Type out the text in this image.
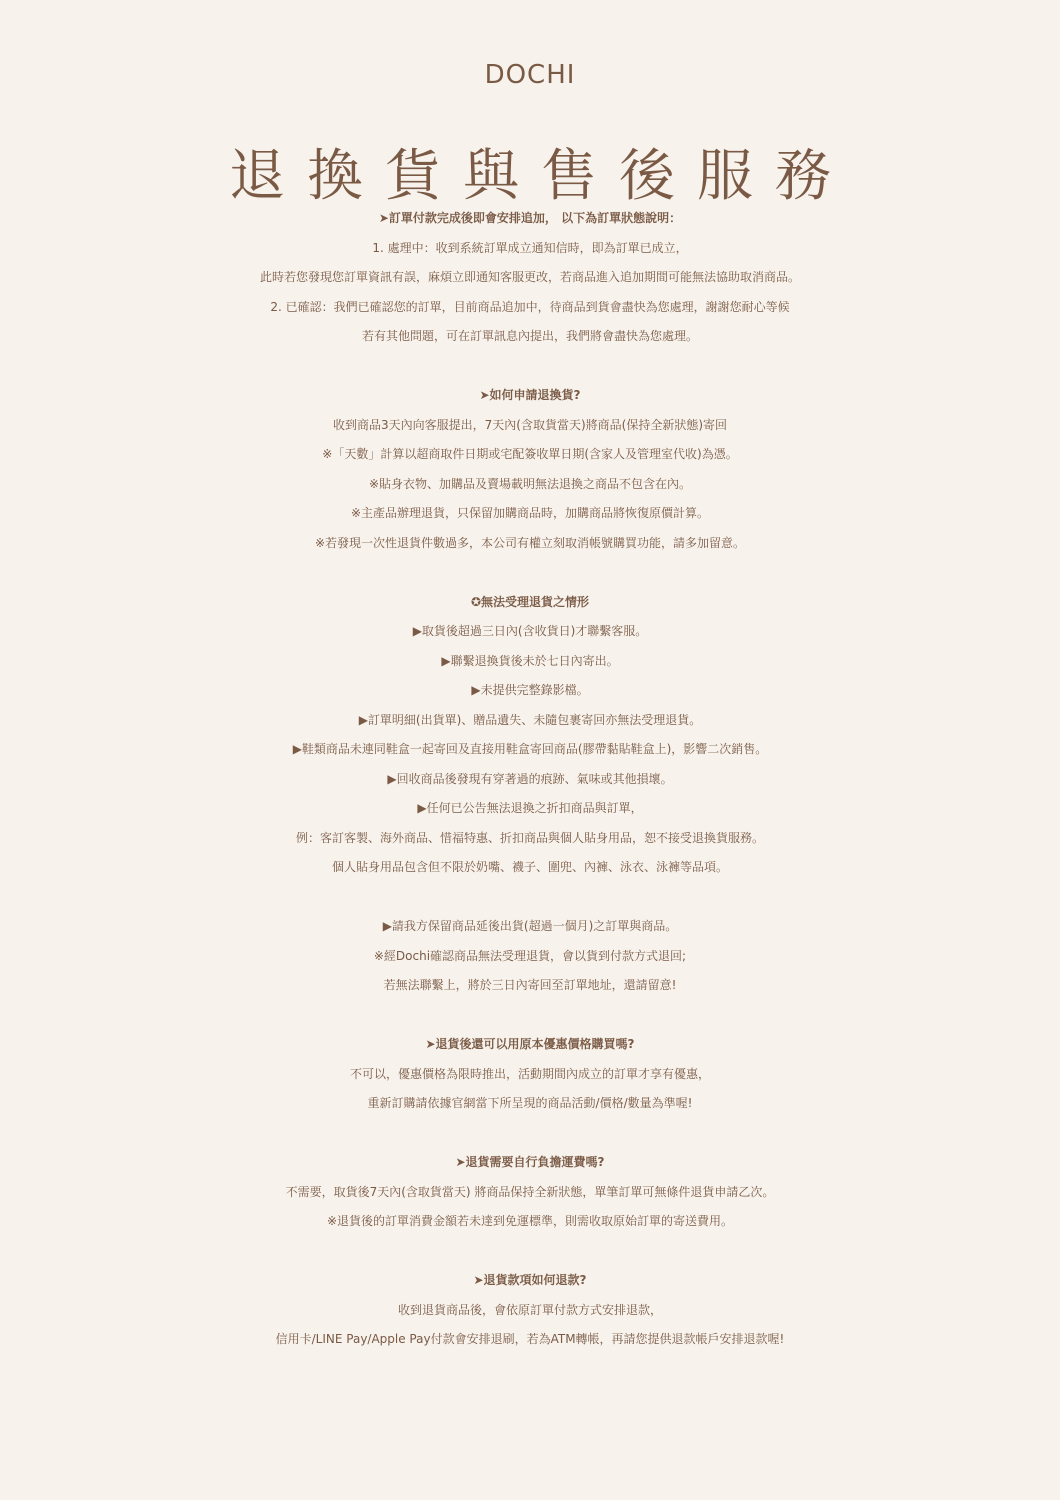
DOCHI
退換貨與售後服務
➤訂單付款完成後即會安排追加， 以下為訂單狀態說明：
1. 處理中：收到系統訂單成立通知信時，即為訂單已成立，
此時若您發現您訂單資訊有誤，麻煩立即通知客服更改，若商品進入追加期間可能無法協助取消商品。
2. 已確認：我們已確認您的訂單，目前商品追加中，待商品到貨會盡快為您處理，謝謝您耐心等候
若有其他問題，可在訂單訊息內提出，我們將會盡快為您處理。
➤如何申請退換貨?
收到商品3天內向客服提出，7天內(含取貨當天)將商品(保持全新狀態)寄回
※「天數」計算以超商取件日期或宅配簽收單日期(含家人及管理室代收)為憑。
※貼身衣物、加購品及賣場載明無法退換之商品不包含在內。
※主產品辦理退貨，只保留加購商品時，加購商品將恢復原價計算。
※若發現一次性退貨件數過多，本公司有權立刻取消帳號購買功能，請多加留意。
✪無法受理退貨之情形
▶取貨後超過三日內(含收貨日)才聯繫客服。
▶聯繫退換貨後未於七日內寄出。
▶未提供完整錄影檔。
▶訂單明細(出貨單)、贈品遺失、未隨包裹寄回亦無法受理退貨。
▶鞋類商品未連同鞋盒一起寄回及直接用鞋盒寄回商品(膠帶黏貼鞋盒上)，影響二次銷售。
▶回收商品後發現有穿著過的痕跡、氣味或其他損壞。
▶任何已公告無法退換之折扣商品與訂單，
例：客訂客製、海外商品、惜福特惠、折扣商品與個人貼身用品，恕不接受退換貨服務。
個人貼身用品包含但不限於奶嘴、襪子、圍兜、內褲、泳衣、泳褲等品項。
▶請我方保留商品延後出貨(超過一個月)之訂單與商品。
※經Dochi確認商品無法受理退貨，會以貨到付款方式退回;
若無法聯繫上，將於三日內寄回至訂單地址，還請留意!
➤退貨後還可以用原本優惠價格購買嗎?
不可以，優惠價格為限時推出，活動期間內成立的訂單才享有優惠，
重新訂購請依據官網當下所呈現的商品活動/價格/數量為準喔!
➤退貨需要自行負擔運費嗎?
不需要，取貨後7天內(含取貨當天) 將商品保持全新狀態，單筆訂單可無條件退貨申請乙次。
※退貨後的訂單消費金額若未達到免運標準，則需收取原始訂單的寄送費用。
➤退貨款項如何退款?
收到退貨商品後，會依原訂單付款方式安排退款，
信用卡/LINE Pay/Apple Pay付款會安排退刷，若為ATM轉帳，再請您提供退款帳戶安排退款喔!
